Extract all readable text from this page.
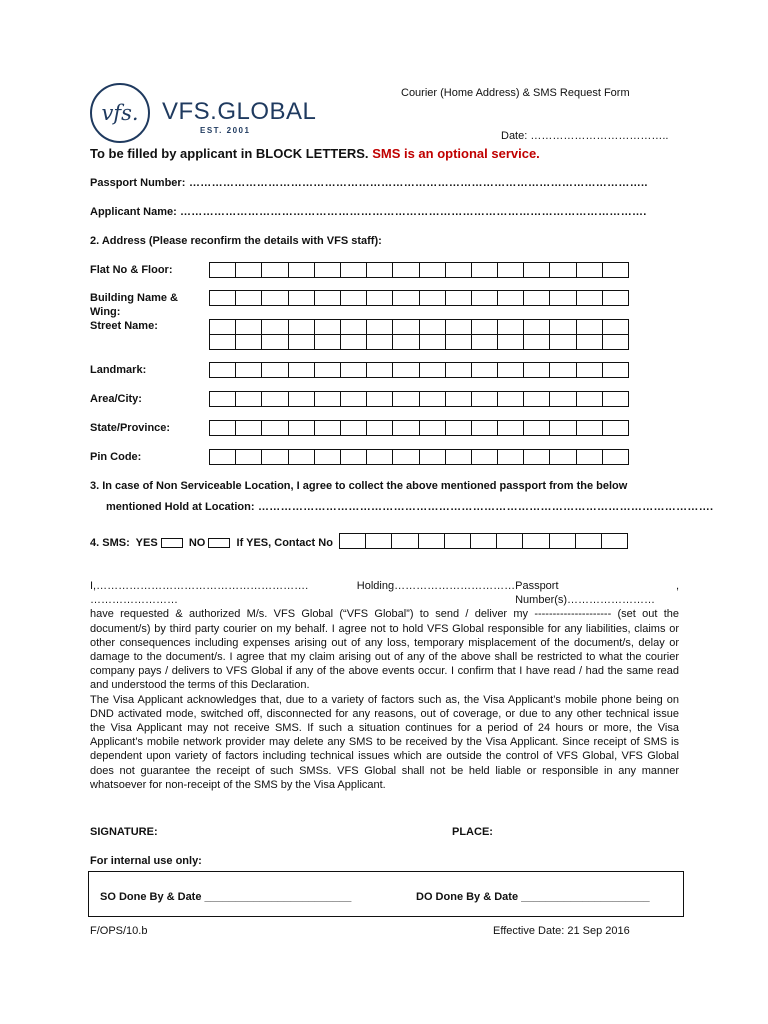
vfs. VFS.GLOBAL
EST. 2001
Courier (Home Address) & SMS Request Form
Date: ………………………………..
To be filled by applicant in BLOCK LETTERS. SMS is an optional service.
Passport Number: …………………………………………………………………………………………………………..
Applicant Name: …………………………………………………………………………………………………………….
2. Address (Please reconfirm the details with VFS staff):
Flat No & Floor:
Building Name &
Wing:
Street Name:
Landmark:
Area/City:
State/Province:
Pin Code:
3. In case of Non Serviceable Location, I agree to collect the above mentioned passport from the below
mentioned Hold at Location: ………………………………………………………………………………………………………….
4. SMS: YES	NO	If YES, Contact No

I,…………………………………………………. ……………………
Holding…………………………… Passport Number(s)……………………
,

have requested & authorized M/s. VFS Global (“VFS Global”) to send / deliver my --------------------- (set out the document/s) by third party courier on my behalf. I agree not to hold VFS Global responsible for any liabilities, claims or other consequences including expenses arising out of any loss, temporary misplacement of the document/s, delay or damage to the document/s. I agree that my claim arising out of any of the above shall be restricted to what the courier company pays / delivers to VFS Global if any of the above events occur. I confirm that I have read / had the same read and understood the terms of this Declaration.

The Visa Applicant acknowledges that, due to a variety of factors such as, the Visa Applicant’s mobile phone being on DND activated mode, switched off, disconnected for any reasons, out of coverage, or due to any other technical issue the Visa Applicant may not receive SMS. If such a situation continues for a period of 24 hours or more, the Visa Applicant’s mobile network provider may delete any SMS to be received by the Visa Applicant. Since receipt of SMS is dependent upon variety of factors including technical issues which are outside the control of VFS Global, VFS Global does not guarantee the receipt of such SMSs. VFS Global shall not be held liable or responsible in any manner whatsoever for non-receipt of the SMS by the Visa Applicant.

SIGNATURE:	PLACE:
For internal use only:
SO Done By & Date ________________________	DO Done By & Date _____________________
F/OPS/10.b	Effective Date: 21 Sep 2016
